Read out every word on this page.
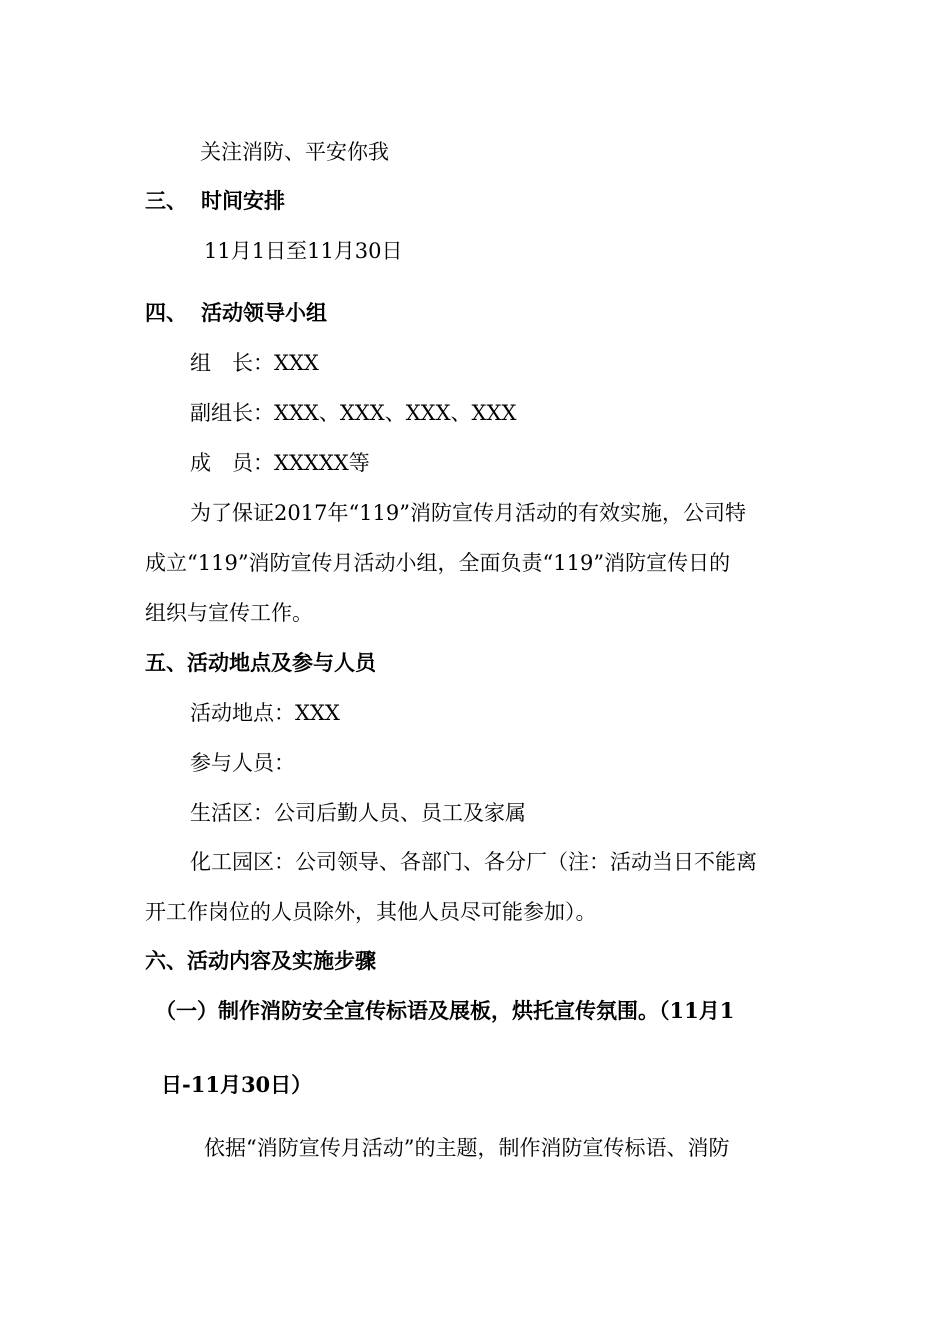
关注消防、平安你我

三、 时间安排

11月1日至11月30日

四、 活动领导小组

组　长：XXX

副组长：XXX、XXX、XXX、XXX

成　员：XXXXX等

为了保证2017年“119”消防宣传月活动的有效实施，公司特

成立“119”消防宣传月活动小组，全面负责“119”消防宣传日的

组织与宣传工作。

五、活动地点及参与人员

活动地点：XXX

参与人员：

生活区：公司后勤人员、员工及家属

化工园区：公司领导、各部门、各分厂（注：活动当日不能离

开工作岗位的人员除外，其他人员尽可能参加）。

六、活动内容及实施步骤

（一）制作消防安全宣传标语及展板，烘托宣传氛围。（11月1

日-11月30日）

依据“消防宣传月活动”的主题，制作消防宣传标语、消防
